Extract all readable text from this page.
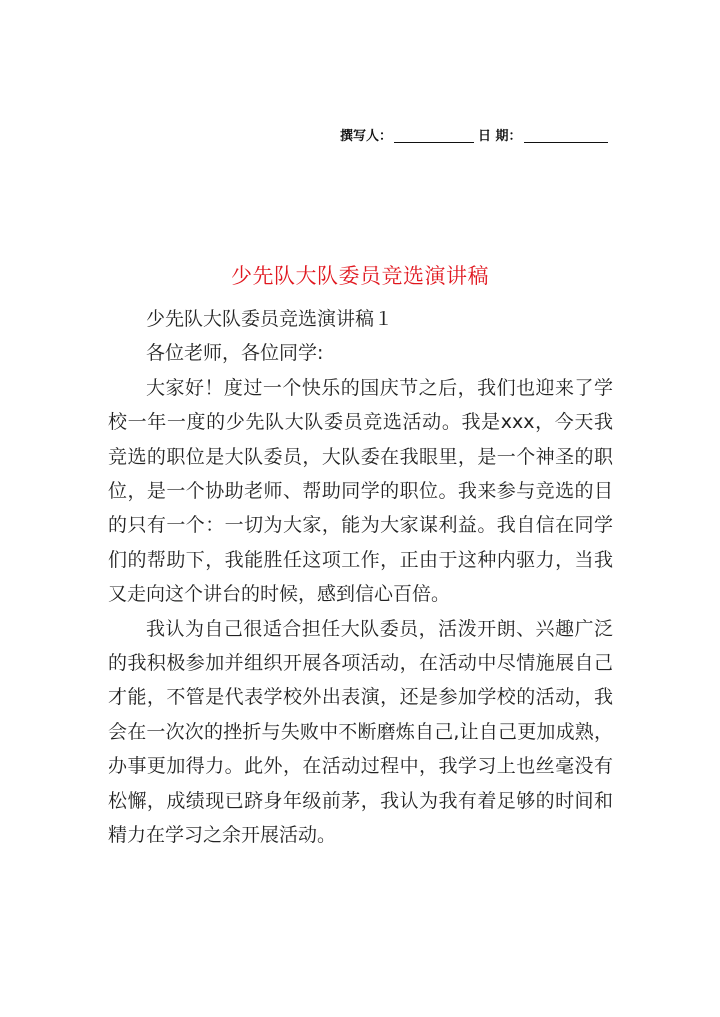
撰写人：	日 期：
少先队大队委员竞选演讲稿

少先队大队委员竞选演讲稿１

各位老师，各位同学:

大家好！度过一个快乐的国庆节之后，我们也迎来了学校一年一度的少先队大队委员竞选活动。我是xxx，今天我竞选的职位是大队委员，大队委在我眼里，是一个神圣的职位，是一个协助老师、帮助同学的职位。我来参与竞选的目的只有一个：一切为大家，能为大家谋利益。我自信在同学们的帮助下，我能胜任这项工作，正由于这种内驱力，当我又走向这个讲台的时候，感到信心百倍。

我认为自己很适合担任大队委员，活泼开朗、兴趣广泛的我积极参加并组织开展各项活动，在活动中尽情施展自己才能，不管是代表学校外出表演，还是参加学校的活动，我会在一次次的挫折与失败中不断磨炼自己,让自己更加成熟，办事更加得力。此外，在活动过程中，我学习上也丝毫没有松懈，成绩现已跻身年级前茅，我认为我有着足够的时间和精力在学习之余开展活动。
